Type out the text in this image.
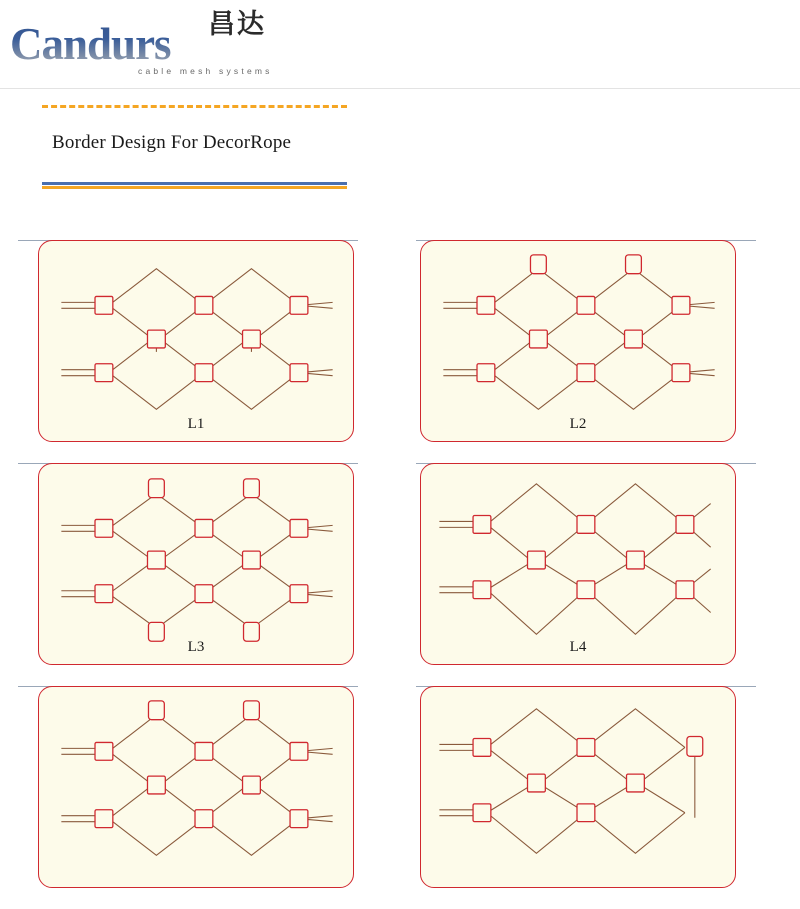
昌达
Candurs
cable mesh systems
Border Design For DecorRope
L1	L2
L3	L4
